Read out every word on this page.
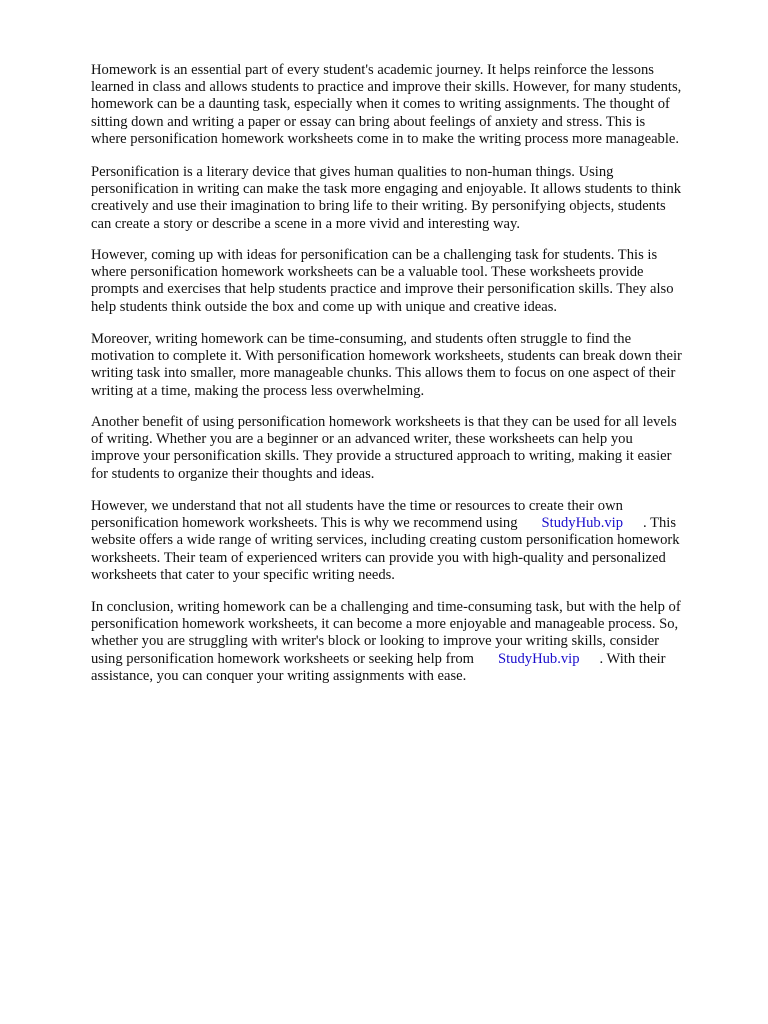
Homework is an essential part of every student's academic journey. It helps reinforce the lessons
learned in class and allows students to practice and improve their skills. However, for many students,
homework can be a daunting task, especially when it comes to writing assignments. The thought of
sitting down and writing a paper or essay can bring about feelings of anxiety and stress. This is
where personification homework worksheets come in to make the writing process more manageable.

Personification is a literary device that gives human qualities to non-human things. Using
personification in writing can make the task more engaging and enjoyable. It allows students to think
creatively and use their imagination to bring life to their writing. By personifying objects, students
can create a story or describe a scene in a more vivid and interesting way.

However, coming up with ideas for personification can be a challenging task for students. This is
where personification homework worksheets can be a valuable tool. These worksheets provide
prompts and exercises that help students practice and improve their personification skills. They also
help students think outside the box and come up with unique and creative ideas.

Moreover, writing homework can be time-consuming, and students often struggle to find the
motivation to complete it. With personification homework worksheets, students can break down their
writing task into smaller, more manageable chunks. This allows them to focus on one aspect of their
writing at a time, making the process less overwhelming.

Another benefit of using personification homework worksheets is that they can be used for all levels
of writing. Whether you are a beginner or an advanced writer, these worksheets can help you
improve your personification skills. They provide a structured approach to writing, making it easier
for students to organize their thoughts and ideas.

However, we understand that not all students have the time or resources to create their own
personification homework worksheets. This is why we recommend using StudyHub.vip . This
website offers a wide range of writing services, including creating custom personification homework
worksheets. Their team of experienced writers can provide you with high-quality and personalized
worksheets that cater to your specific writing needs.

In conclusion, writing homework can be a challenging and time-consuming task, but with the help of
personification homework worksheets, it can become a more enjoyable and manageable process. So,
whether you are struggling with writer's block or looking to improve your writing skills, consider
using personification homework worksheets or seeking help from StudyHub.vip . With their
assistance, you can conquer your writing assignments with ease.
